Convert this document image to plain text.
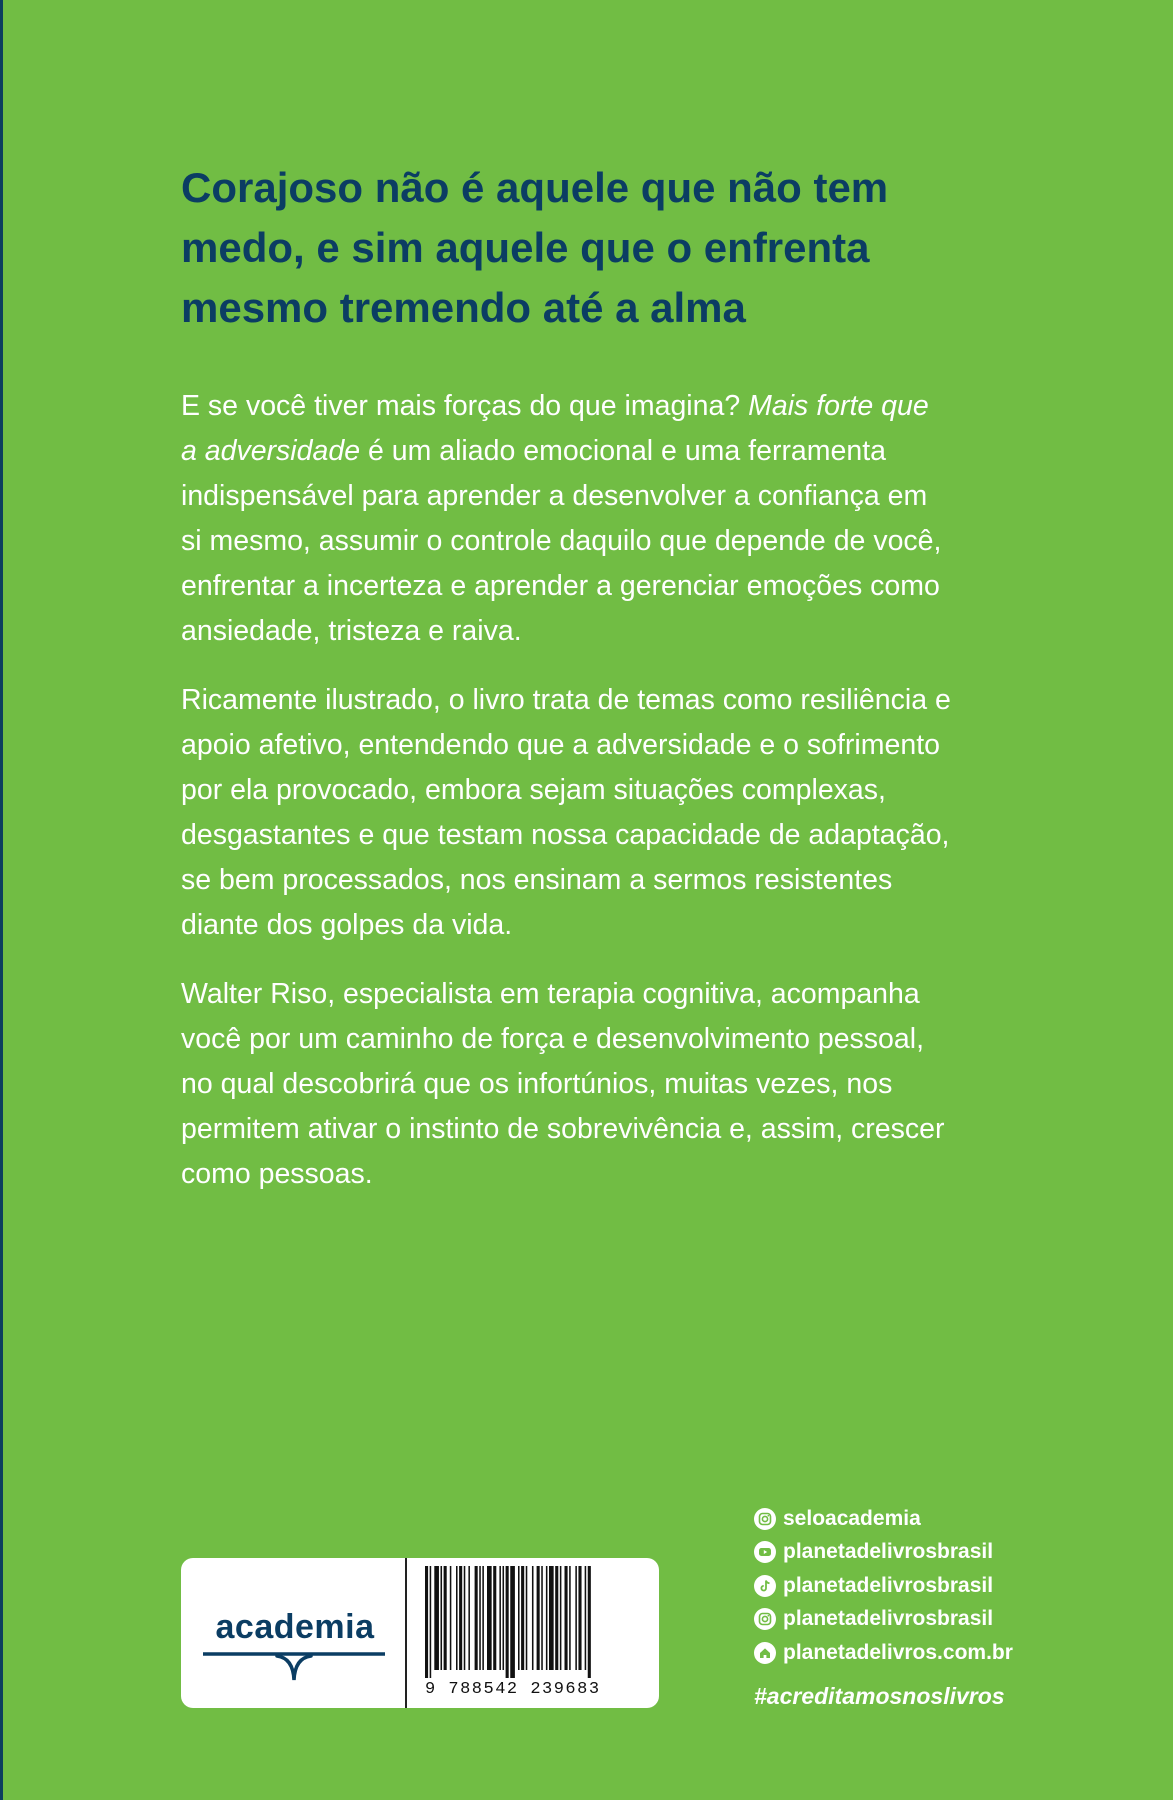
Corajoso não é aquele que não tem
medo, e sim aquele que o enfrenta
mesmo tremendo até a alma

E se você tiver mais forças do que imagina? Mais forte que
a adversidade é um aliado emocional e uma ferramenta
indispensável para aprender a desenvolver a confiança em
si mesmo, assumir o controle daquilo que depende de você,
enfrentar a incerteza e aprender a gerenciar emoções como
ansiedade, tristeza e raiva.

Ricamente ilustrado, o livro trata de temas como resiliência e
apoio afetivo, entendendo que a adversidade e o sofrimento
por ela provocado, embora sejam situações complexas,
desgastantes e que testam nossa capacidade de adaptação,
se bem processados, nos ensinam a sermos resistentes
diante dos golpes da vida.

Walter Riso, especialista em terapia cognitiva, acompanha
você por um caminho de força e desenvolvimento pessoal,
no qual descobrirá que os infortúnios, muitas vezes, nos
permitem ativar o instinto de sobrevivência e, assim, crescer
como pessoas.

academia
9 788542 239683
seloacademia
planetadelivrosbrasil
planetadelivrosbrasil
planetadelivrosbrasil
planetadelivros.com.br
#acreditamosnoslivros
